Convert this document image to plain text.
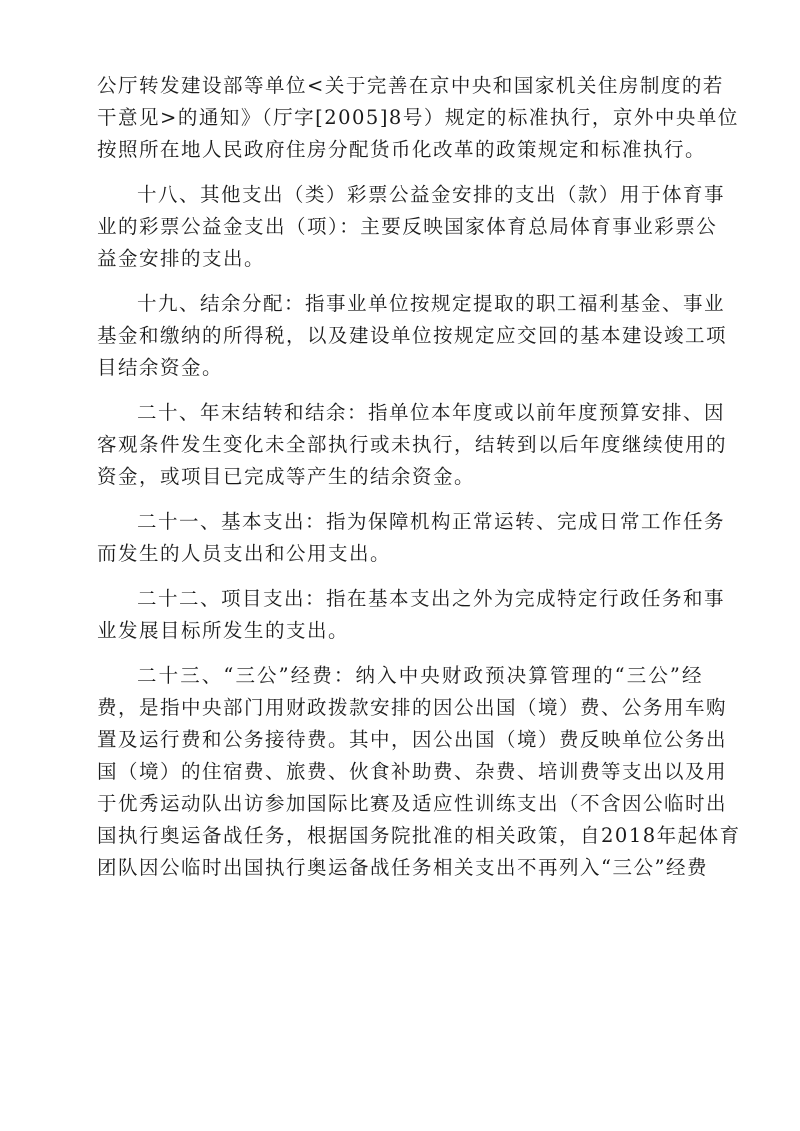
公厅转发建设部等单位<关于完善在京中央和国家机关住房制度的若
干意见>的通知》（厅字[2005]8号）规定的标准执行，京外中央单位
按照所在地人民政府住房分配货币化改革的政策规定和标准执行。
十八、其他支出（类）彩票公益金安排的支出（款）用于体育事
业的彩票公益金支出（项）：主要反映国家体育总局体育事业彩票公
益金安排的支出。
十九、结余分配：指事业单位按规定提取的职工福利基金、事业
基金和缴纳的所得税，以及建设单位按规定应交回的基本建设竣工项
目结余资金。
二十、年末结转和结余：指单位本年度或以前年度预算安排、因
客观条件发生变化未全部执行或未执行，结转到以后年度继续使用的
资金，或项目已完成等产生的结余资金。
二十一、基本支出：指为保障机构正常运转、完成日常工作任务
而发生的人员支出和公用支出。
二十二、项目支出：指在基本支出之外为完成特定行政任务和事
业发展目标所发生的支出。
二十三、“三公”经费：纳入中央财政预决算管理的“三公”经
费，是指中央部门用财政拨款安排的因公出国（境）费、公务用车购
置及运行费和公务接待费。其中，因公出国（境）费反映单位公务出
国（境）的住宿费、旅费、伙食补助费、杂费、培训费等支出以及用
于优秀运动队出访参加国际比赛及适应性训练支出（不含因公临时出
国执行奥运备战任务，根据国务院批准的相关政策，自2018年起体育
团队因公临时出国执行奥运备战任务相关支出不再列入“三公”经费
